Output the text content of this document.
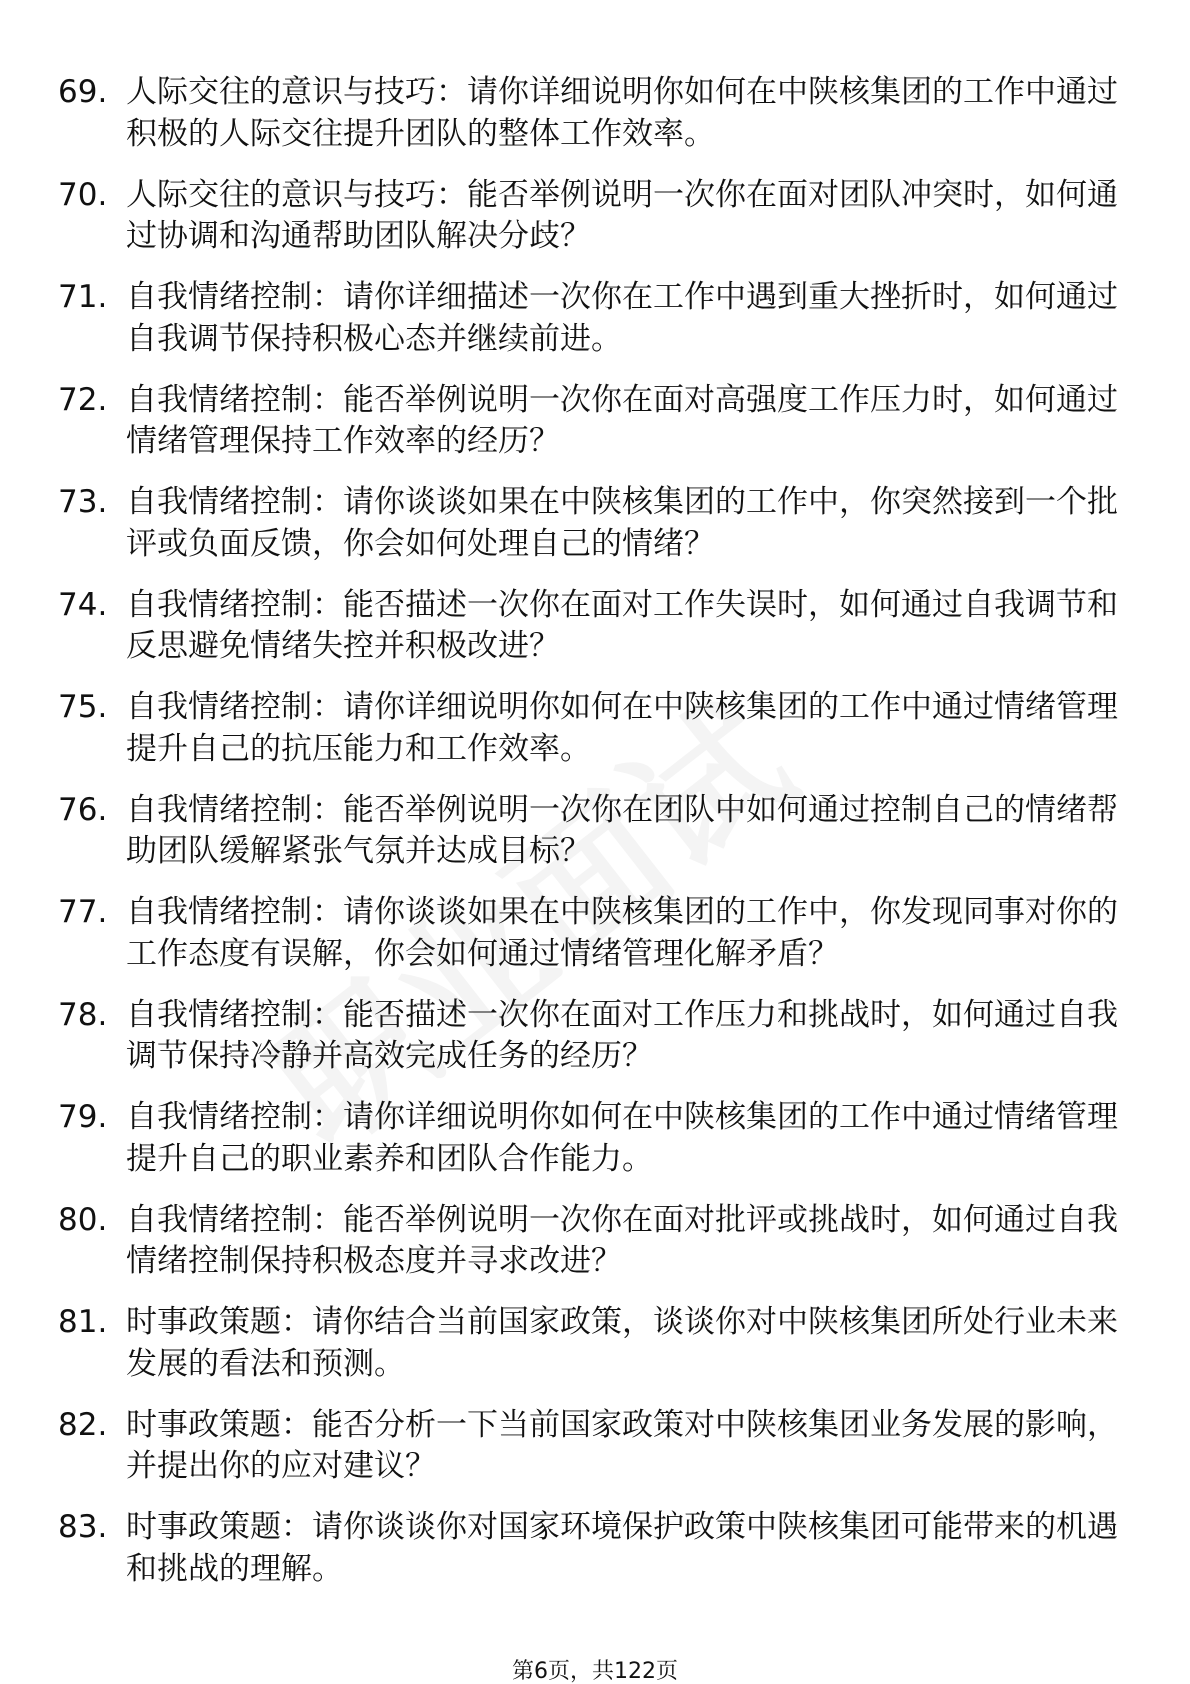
69. 人际交往的意识与技巧：请你详细说明你如何在中陕核集团的工作中通过积极的人际交往提升团队的整体工作效率。
70. 人际交往的意识与技巧：能否举例说明一次你在面对团队冲突时，如何通过协调和沟通帮助团队解决分歧？
71. 自我情绪控制：请你详细描述一次你在工作中遇到重大挫折时，如何通过自我调节保持积极心态并继续前进。
72. 自我情绪控制：能否举例说明一次你在面对高强度工作压力时，如何通过情绪管理保持工作效率的经历？
73. 自我情绪控制：请你谈谈如果在中陕核集团的工作中，你突然接到一个批评或负面反馈，你会如何处理自己的情绪？
74. 自我情绪控制：能否描述一次你在面对工作失误时，如何通过自我调节和反思避免情绪失控并积极改进？
75. 自我情绪控制：请你详细说明你如何在中陕核集团的工作中通过情绪管理提升自己的抗压能力和工作效率。
76. 自我情绪控制：能否举例说明一次你在团队中如何通过控制自己的情绪帮助团队缓解紧张气氛并达成目标？
77. 自我情绪控制：请你谈谈如果在中陕核集团的工作中，你发现同事对你的工作态度有误解，你会如何通过情绪管理化解矛盾？
78. 自我情绪控制：能否描述一次你在面对工作压力和挑战时，如何通过自我调节保持冷静并高效完成任务的经历？
79. 自我情绪控制：请你详细说明你如何在中陕核集团的工作中通过情绪管理提升自己的职业素养和团队合作能力。
80. 自我情绪控制：能否举例说明一次你在面对批评或挑战时，如何通过自我情绪控制保持积极态度并寻求改进？
81. 时事政策题：请你结合当前国家政策，谈谈你对中陕核集团所处行业未来发展的看法和预测。
82. 时事政策题：能否分析一下当前国家政策对中陕核集团业务发展的影响，并提出你的应对建议？
83. 时事政策题：请你谈谈你对国家环境保护政策中陕核集团可能带来的机遇和挑战的理解。
第6页，共122页
